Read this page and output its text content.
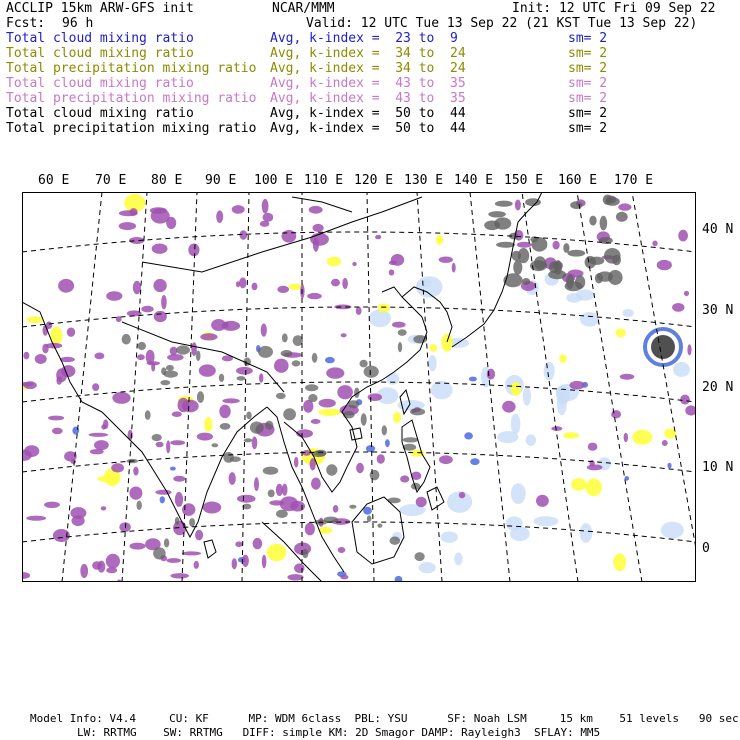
ACCLIP 15km ARW-GFS init	NCAR/MMM	Init: 12 UTC Fri 09 Sep 22
Fcst: 96 h	Valid: 12 UTC Tue 13 Sep 22 (21 KST Tue 13 Sep 22)
Total cloud mixing ratio	Avg, k-index =  23 to  9	sm= 2
Total cloud mixing ratio	Avg, k-index =  34 to  24	sm= 2
Total precipitation mixing ratio Avg, k-index =  34 to  24	sm= 2
Total cloud mixing ratio	Avg, k-index =  43 to  35	sm= 2
Total precipitation mixing ratio Avg, k-index =  43 to  35	sm= 2
Total cloud mixing ratio	Avg, k-index =  50 to  44	sm= 2
Total precipitation mixing ratio Avg, k-index =  50 to  44	sm= 2
60 E 70 E 80 E 90 E 100 E 110 E 120 E 130 E 140 E 150 E 160 E 170 E
40 N
30 N
20 N
10 N
0
Model Info: V4.4     CU: KF      MP: WDM 6class  PBL: YSU      SF: Noah LSM     15 km    51 levels   90 sec
LW: RRTMG    SW: RRTMG   DIFF: simple KM: 2D Smagor DAMP: Rayleigh3  SFLAY: MM5
